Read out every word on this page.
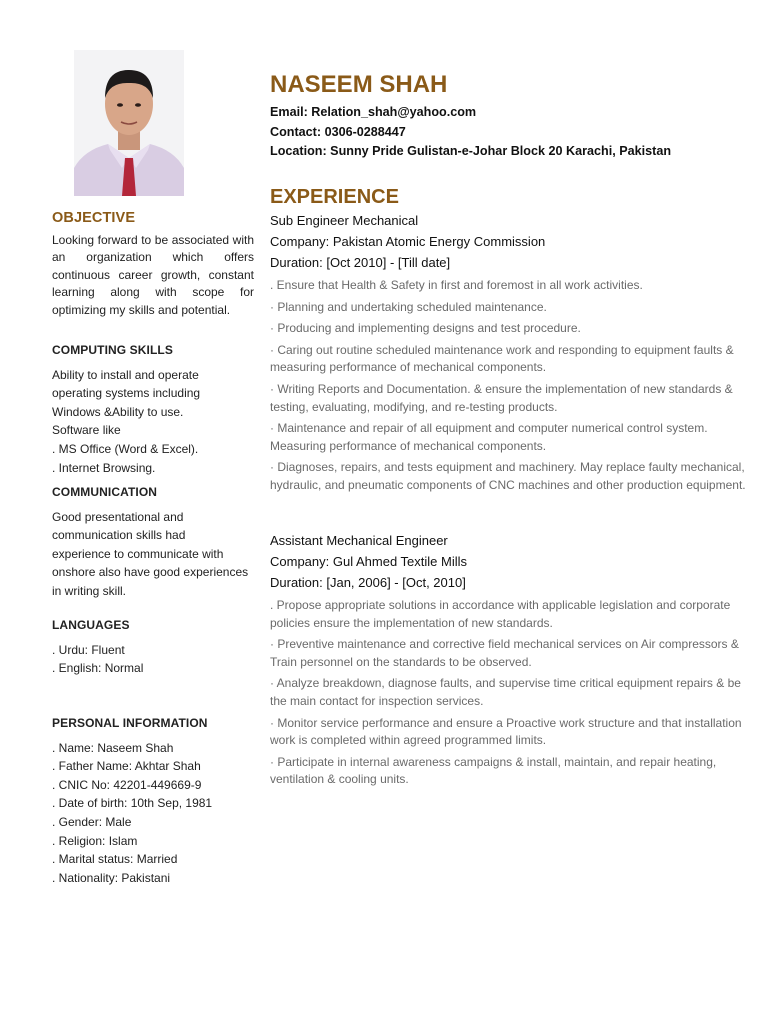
OBJECTIVE

Looking forward to be associated with an organization which offers continuous career growth, constant learning along with scope for optimizing my skills and potential.

COMPUTING SKILLS
Ability to install and operate
operating systems including
Windows &Ability to use.
Software like
. MS Office (Word & Excel).
. Internet Browsing.
COMMUNICATION
Good presentational and
communication skills had
experience to communicate with
onshore also have good experiences
in writing skill.
LANGUAGES
. Urdu: Fluent
. English: Normal
PERSONAL INFORMATION
. Name: Naseem Shah
. Father Name: Akhtar Shah
. CNIC No: 42201-449669-9
. Date of birth: 10th Sep, 1981
. Gender: Male
. Religion: Islam
. Marital status: Married
. Nationality: Pakistani
NASEEM SHAH
Email: Relation_shah@yahoo.com
Contact: 0306-0288447
Location: Sunny Pride Gulistan-e-Johar Block 20 Karachi, Pakistan
EXPERIENCE
Sub Engineer Mechanical
Company: Pakistan Atomic Energy Commission
Duration: [Oct 2010] - [Till date]
. Ensure that Health & Safety in first and foremost in all work activities.
· Planning and undertaking scheduled maintenance.
· Producing and implementing designs and test procedure.
· Caring out routine scheduled maintenance work and responding to equipment faults & measuring performance of mechanical components.
· Writing Reports and Documentation. & ensure the implementation of new standards & testing, evaluating, modifying, and re-testing products.
· Maintenance and repair of all equipment and computer numerical control system. Measuring performance of mechanical components.
· Diagnoses, repairs, and tests equipment and machinery. May replace faulty mechanical, hydraulic, and pneumatic components of CNC machines and other production equipment.
Assistant Mechanical Engineer
Company: Gul Ahmed Textile Mills
Duration: [Jan, 2006] - [Oct, 2010]
. Propose appropriate solutions in accordance with applicable legislation and corporate policies ensure the implementation of new standards.
· Preventive maintenance and corrective field mechanical services on Air compressors & Train personnel on the standards to be observed.
· Analyze breakdown, diagnose faults, and supervise time critical equipment repairs & be the main contact for inspection services.
· Monitor service performance and ensure a Proactive work structure and that installation work is completed within agreed programmed limits.
· Participate in internal awareness campaigns & install, maintain, and repair heating, ventilation & cooling units.
